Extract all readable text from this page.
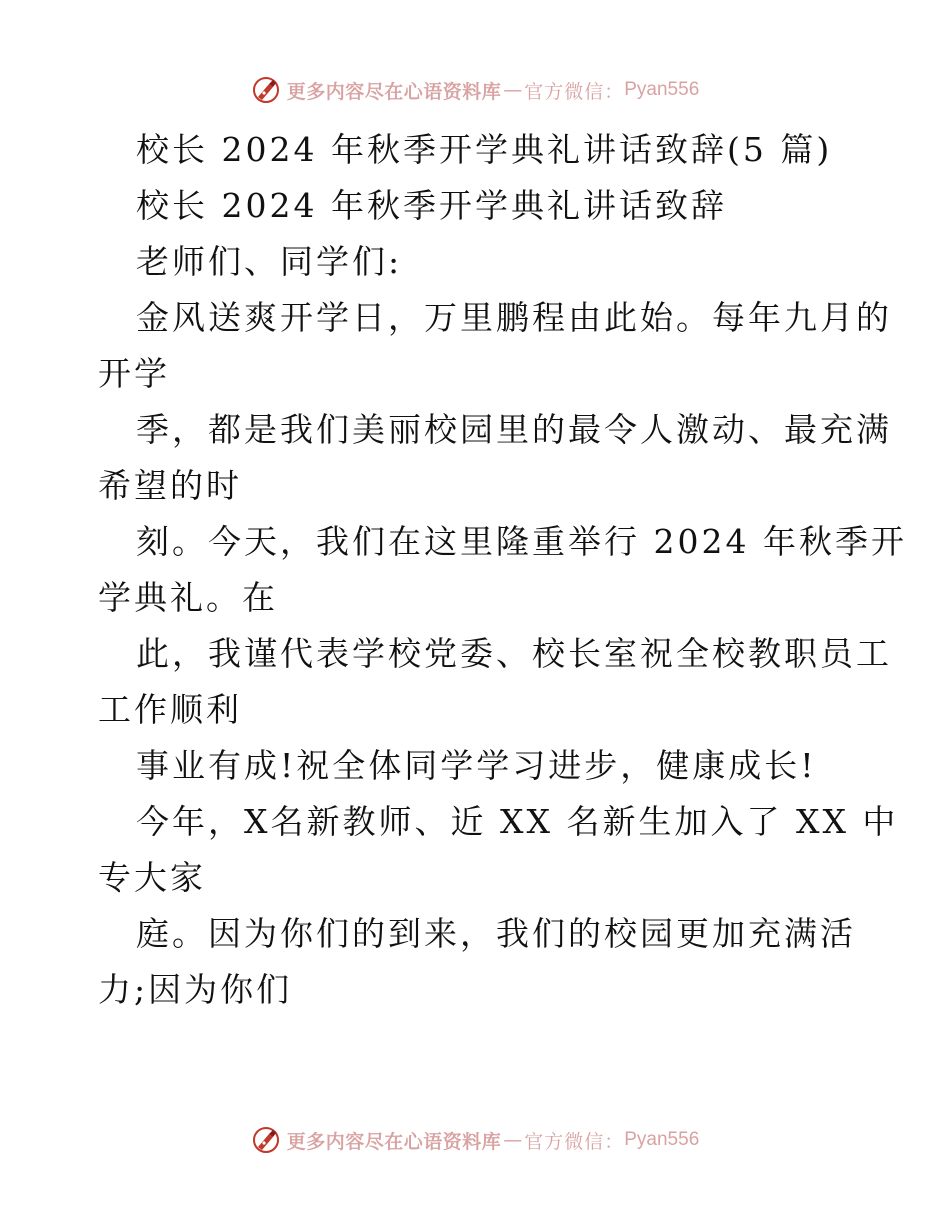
更多内容尽在心语资料库 — 官方微信： Pyan556
校长 2024 年秋季开学典礼讲话致辞(5 篇)
校长 2024 年秋季开学典礼讲话致辞
老师们、同学们:
金风送爽开学日，万里鹏程由此始。每年九月的
开学
季，都是我们美丽校园里的最令人激动、最充满
希望的时
刻。今天，我们在这里隆重举行 2024 年秋季开
学典礼。在
此，我谨代表学校党委、校长室祝全校教职员工
工作顺利
事业有成!祝全体同学学习进步，健康成长!
今年，X名新教师、近 XX 名新生加入了 XX 中
专大家
庭。因为你们的到来，我们的校园更加充满活
力;因为你们
更多内容尽在心语资料库 — 官方微信： Pyan556
